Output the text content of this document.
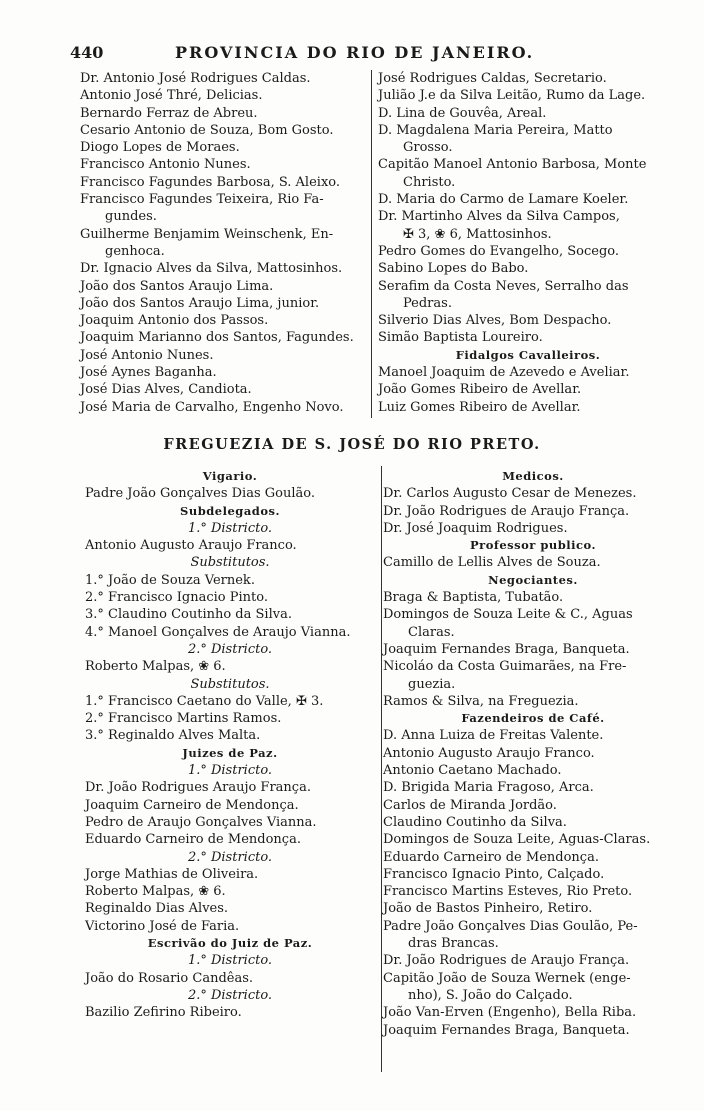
440	PROVINCIA DO RIO DE JANEIRO.
Dr. Antonio José Rodrigues Caldas.
Antonio José Thré, Delicias.
Bernardo Ferraz de Abreu.
Cesario Antonio de Souza, Bom Gosto.
Diogo Lopes de Moraes.
Francisco Antonio Nunes.
Francisco Fagundes Barbosa, S. Aleixo.
Francisco Fagundes Teixeira, Rio Fa-
gundes.
Guilherme Benjamim Weinschenk, En-
genhoca.
Dr. Ignacio Alves da Silva, Mattosinhos.
João dos Santos Araujo Lima.
João dos Santos Araujo Lima, junior.
Joaquim Antonio dos Passos.
Joaquim Marianno dos Santos, Fagundes.
José Antonio Nunes.
José Aynes Baganha.
José Dias Alves, Candiota.
José Maria de Carvalho, Engenho Novo.
José Rodrigues Caldas, Secretario.
Julião J.e da Silva Leitão, Rumo da Lage.
D. Lina de Gouvêa, Areal.
D. Magdalena Maria Pereira, Matto
Grosso.
Capitão Manoel Antonio Barbosa, Monte
Christo.
D. Maria do Carmo de Lamare Koeler.
Dr. Martinho Alves da Silva Campos,
✠ 3, ❀ 6, Mattosinhos.
Pedro Gomes do Evangelho, Socego.
Sabino Lopes do Babo.
Serafim da Costa Neves, Serralho das
Pedras.
Silverio Dias Alves, Bom Despacho.
Simão Baptista Loureiro.
Fidalgos Cavalleiros.
Manoel Joaquim de Azevedo e Aveliar.
João Gomes Ribeiro de Avellar.
Luiz Gomes Ribeiro de Avellar.
FREGUEZIA DE S. JOSÉ DO RIO PRETO.
Vigario.
Padre João Gonçalves Dias Goulão.
Subdelegados.
1.° Districto.
Antonio Augusto Araujo Franco.
Substitutos.
1.° João de Souza Vernek.
2.° Francisco Ignacio Pinto.
3.° Claudino Coutinho da Silva.
4.° Manoel Gonçalves de Araujo Vianna.
2.° Districto.
Roberto Malpas, ❀ 6.
Substitutos.
1.° Francisco Caetano do Valle, ✠ 3.
2.° Francisco Martins Ramos.
3.° Reginaldo Alves Malta.
Juizes de Paz.
1.° Districto.
Dr. João Rodrigues Araujo França.
Joaquim Carneiro de Mendonça.
Pedro de Araujo Gonçalves Vianna.
Eduardo Carneiro de Mendonça.
2.° Districto.
Jorge Mathias de Oliveira.
Roberto Malpas, ❀ 6.
Reginaldo Dias Alves.
Victorino José de Faria.
Escrivão do Juiz de Paz.
1.° Districto.
João do Rosario Candêas.
2.° Districto.
Bazilio Zefirino Ribeiro.
Medicos.
Dr. Carlos Augusto Cesar de Menezes.
Dr. João Rodrigues de Araujo França.
Dr. José Joaquim Rodrigues.
Professor publico.
Camillo de Lellis Alves de Souza.
Negociantes.
Braga & Baptista, Tubatão.
Domingos de Souza Leite & C., Aguas
Claras.
Joaquim Fernandes Braga, Banqueta.
Nicoláo da Costa Guimarães, na Fre-
guezia.
Ramos & Silva, na Freguezia.
Fazendeiros de Café.
D. Anna Luiza de Freitas Valente.
Antonio Augusto Araujo Franco.
Antonio Caetano Machado.
D. Brigida Maria Fragoso, Arca.
Carlos de Miranda Jordão.
Claudino Coutinho da Silva.
Domingos de Souza Leite, Aguas-Claras.
Eduardo Carneiro de Mendonça.
Francisco Ignacio Pinto, Calçado.
Francisco Martins Esteves, Rio Preto.
João de Bastos Pinheiro, Retiro.
Padre João Gonçalves Dias Goulão, Pe-
dras Brancas.
Dr. João Rodrigues de Araujo França.
Capitão João de Souza Wernek (enge-
nho), S. João do Calçado.
João Van-Erven (Engenho), Bella Riba.
Joaquim Fernandes Braga, Banqueta.
